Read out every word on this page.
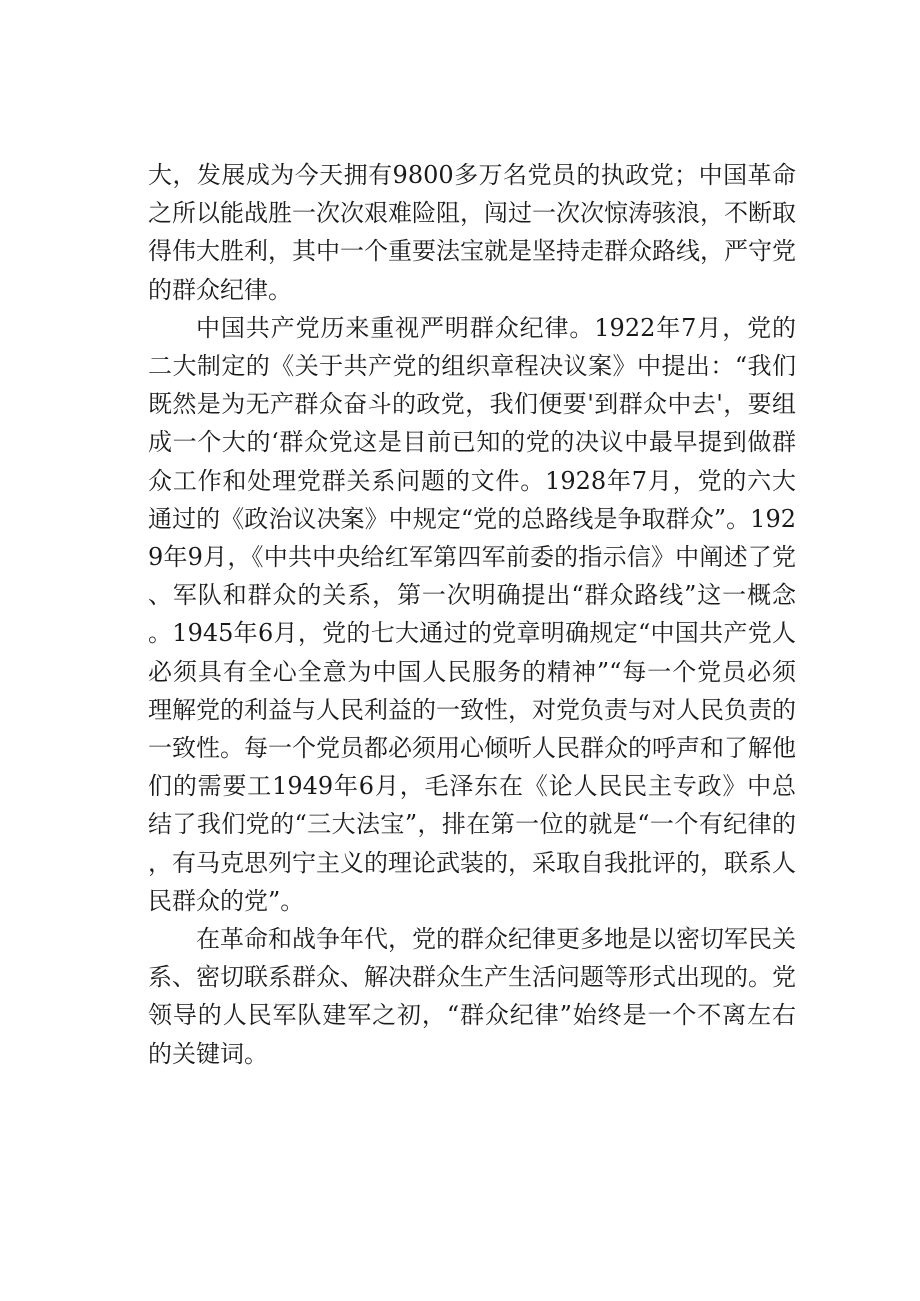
大，发展成为今天拥有9800多万名党员的执政党；中国革命之所以能战胜一次次艰难险阻，闯过一次次惊涛骇浪，不断取得伟大胜利，其中一个重要法宝就是坚持走群众路线，严守党的群众纪律。

中国共产党历来重视严明群众纪律。1922年7月，党的二大制定的《关于共产党的组织章程决议案》中提出：“我们既然是为无产群众奋斗的政党，我们便要'到群众中去'，要组成一个大的‘群众党这是目前已知的党的决议中最早提到做群众工作和处理党群关系问题的文件。1928年7月，党的六大通过的《政治议决案》中规定“党的总路线是争取群众”。1929年9月，《中共中央给红军第四军前委的指示信》中阐述了党、军队和群众的关系，第一次明确提出“群众路线”这一概念。1945年6月，党的七大通过的党章明确规定“中国共产党人必须具有全心全意为中国人民服务的精神”“每一个党员必须理解党的利益与人民利益的一致性，对党负责与对人民负责的一致性。每一个党员都必须用心倾听人民群众的呼声和了解他们的需要工1949年6月，毛泽东在《论人民民主专政》中总结了我们党的“三大法宝”，排在第一位的就是“一个有纪律的，有马克思列宁主义的理论武装的，采取自我批评的，联系人民群众的党”。

在革命和战争年代，党的群众纪律更多地是以密切军民关系、密切联系群众、解决群众生产生活问题等形式出现的。党领导的人民军队建军之初，“群众纪律”始终是一个不离左右的关键词。
